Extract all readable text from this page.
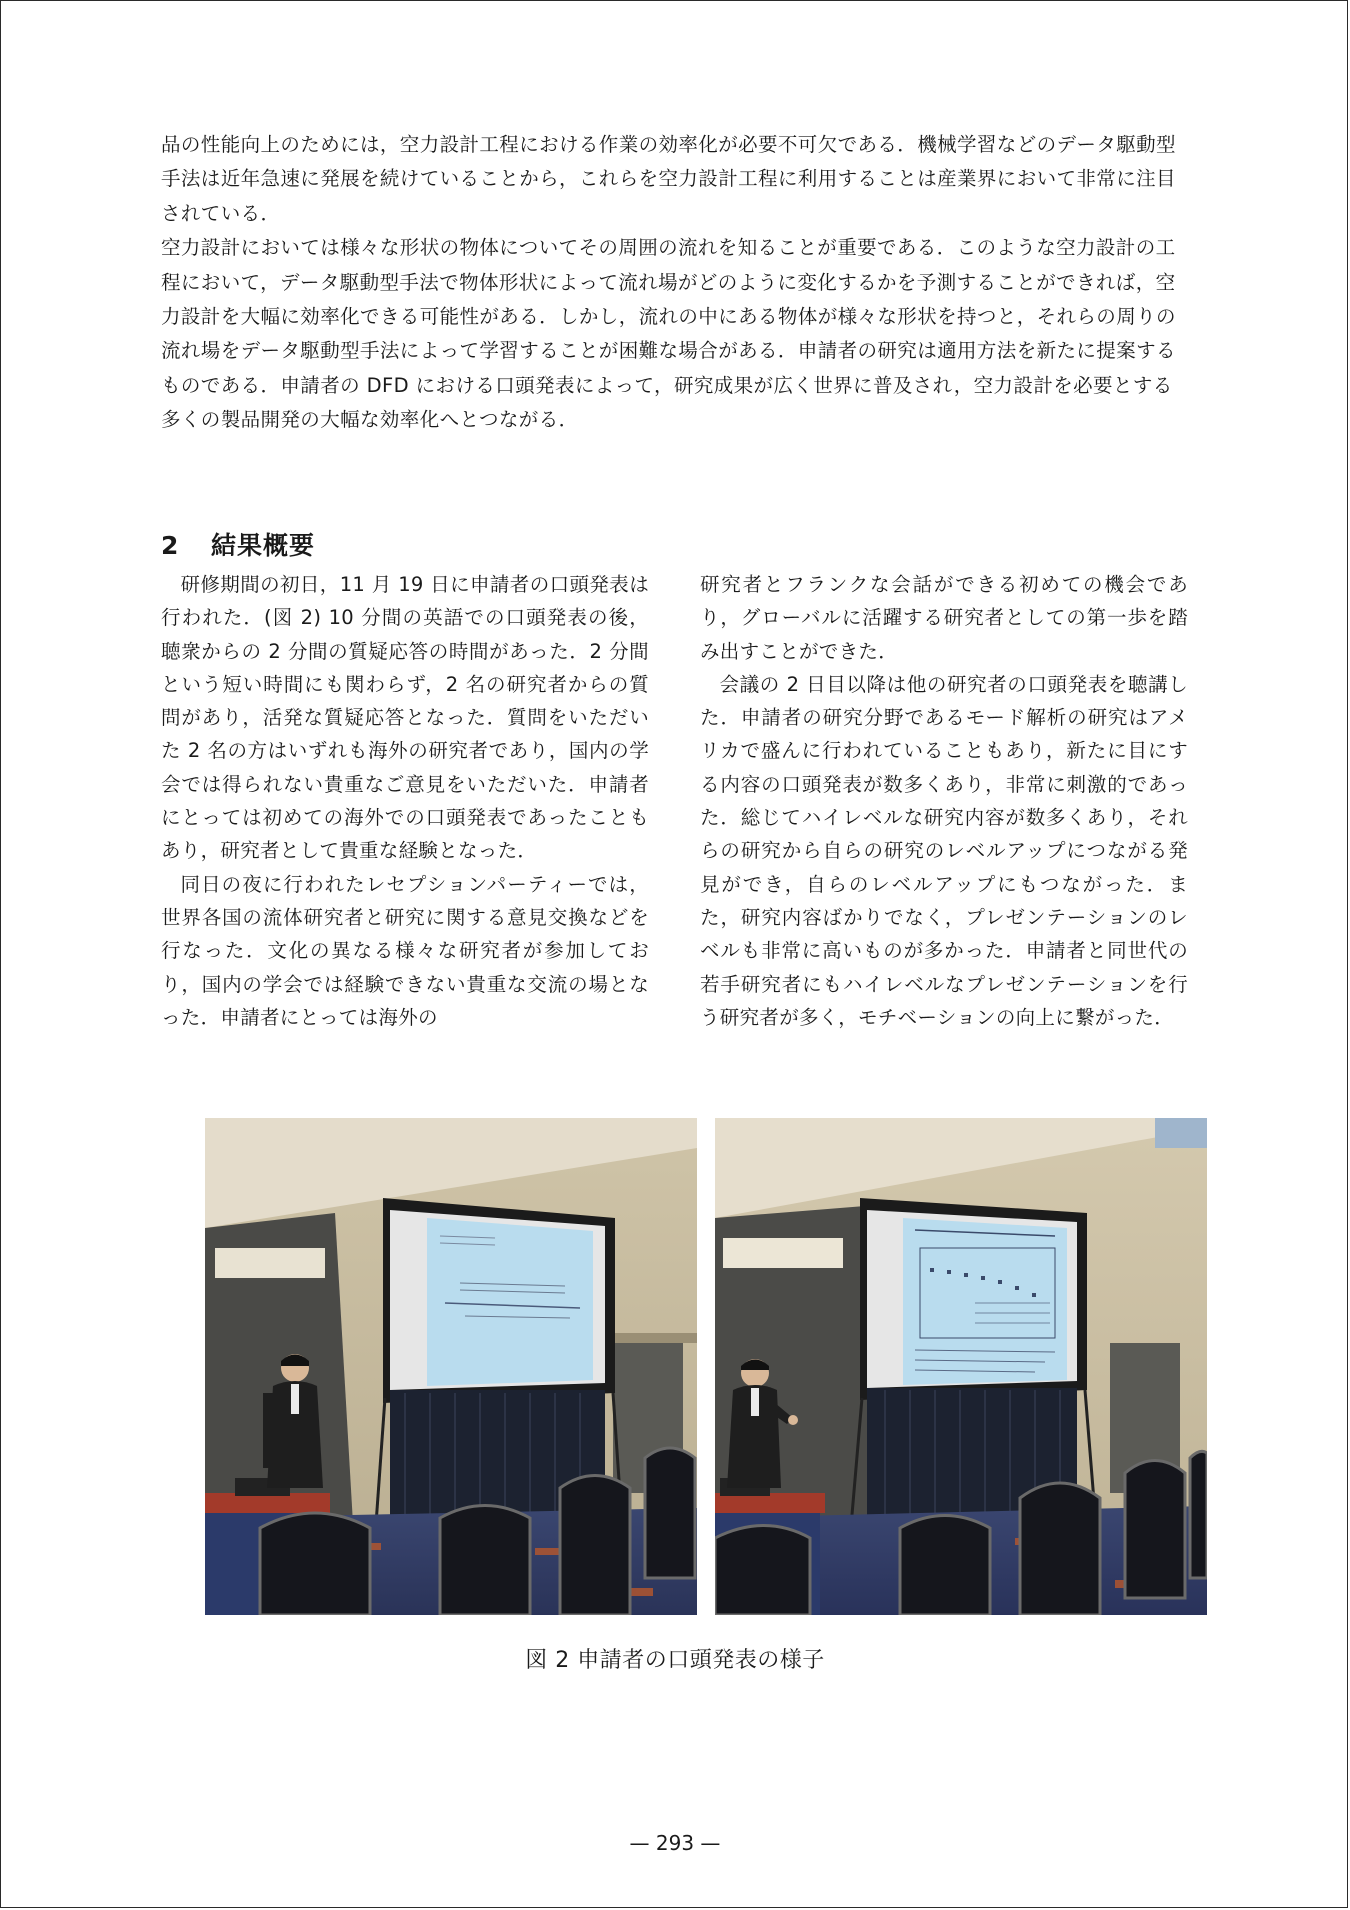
品の性能向上のためには，空力設計工程における作業の効率化が必要不可欠である．機械学習などのデータ駆動型手法は近年急速に発展を続けていることから，これらを空力設計工程に利用することは産業界において非常に注目されている．

空力設計においては様々な形状の物体についてその周囲の流れを知ることが重要である．このような空力設計の工程において，データ駆動型手法で物体形状によって流れ場がどのように変化するかを予測することができれば，空力設計を大幅に効率化できる可能性がある．しかし，流れの中にある物体が様々な形状を持つと，それらの周りの流れ場をデータ駆動型手法によって学習することが困難な場合がある．申請者の研究は適用方法を新たに提案するものである．申請者の DFD における口頭発表によって，研究成果が広く世界に普及され，空力設計を必要とする多くの製品開発の大幅な効率化へとつながる．

2 結果概要

研修期間の初日，11 月 19 日に申請者の口頭発表は行われた．(図 2) 10 分間の英語での口頭発表の後，聴衆からの 2 分間の質疑応答の時間があった．2 分間という短い時間にも関わらず，2 名の研究者からの質問があり，活発な質疑応答となった．質問をいただいた 2 名の方はいずれも海外の研究者であり，国内の学会では得られない貴重なご意見をいただいた．申請者にとっては初めての海外での口頭発表であったこともあり，研究者として貴重な経験となった．

同日の夜に行われたレセプションパーティーでは，世界各国の流体研究者と研究に関する意見交換などを行なった．文化の異なる様々な研究者が参加しており，国内の学会では経験できない貴重な交流の場となった．申請者にとっては海外の

研究者とフランクな会話ができる初めての機会であり，グローバルに活躍する研究者としての第一歩を踏み出すことができた．

会議の 2 日目以降は他の研究者の口頭発表を聴講した．申請者の研究分野であるモード解析の研究はアメリカで盛んに行われていることもあり，新たに目にする内容の口頭発表が数多くあり，非常に刺激的であった．総じてハイレベルな研究内容が数多くあり，それらの研究から自らの研究のレベルアップにつながる発見ができ，自らのレベルアップにもつながった．また，研究内容ばかりでなく，プレゼンテーションのレベルも非常に高いものが多かった．申請者と同世代の若手研究者にもハイレベルなプレゼンテーションを行う研究者が多く，モチベーションの向上に繋がった．

図 2 申請者の口頭発表の様子
— 293 —
